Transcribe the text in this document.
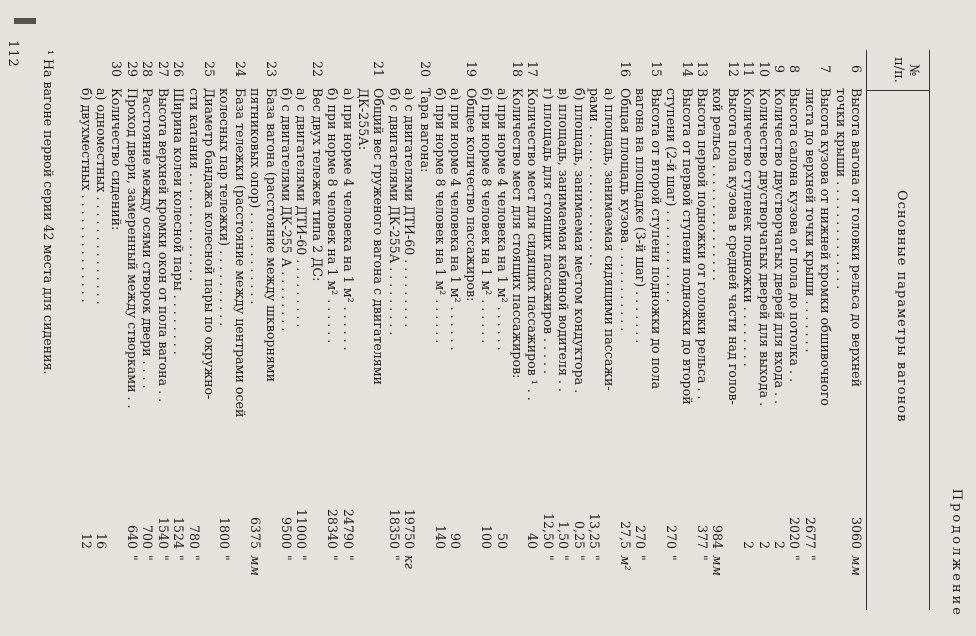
Продолжение
№ п/п.
Основные параметры вагонов
6
Высота вагона от головки рельса до верхней
3060
мм
точки крыши . . . . . . . . . . . . . .
7
Высота кузова от нижней кромки обшивочного
листа до верхней точки крыши . . . . . . .
2677
"
8
Высота салона кузова от пола до потолка . .
2020
"
9
Количество двустворчатых дверей для входа . .
2
10
Количество двустворчатых дверей для выхода .
2
11
Количество ступенек подножки . . . . . . . .
2
12
Высота пола кузова в средней части над голов-
кой рельса . . . . . . . . . . . . . . .
984
мм
13
Высота первой подножки от головки рельса . .
377
"
14
Высота от первой ступени подножки до второй
ступени (2-й шаг) . . . . . . . . . . . .
270
"
15
Высота от второй ступени подножки до пола
вагона на площадке (3-й шаг) . . . . . . .
270
"
16
Общая площадь кузова . . . . . . . . . . .
27,5
м²
а) площадь, занимаемая сидящими пассажи-
рами . . . . . . . . . . . . . . . . . .
13,25
"
б) площадь, занимаемая местом кондуктора .
0,25
"
в) площадь, занимаемая кабиной водителя . .
1,50
"
г) площадь для стоящих пассажиров . . . . .
12,50
"
17
Количество мест для сидящих пассажиров ¹ . .
40
18
Количество мест для стоящих пассажиров:
а) при норме 4 человека на 1 м² . . . . . .
50
б) при норме 8 человек на 1 м² . . . . . .
100
19
Общее количество пассажиров:
а) при норме 4 человека на 1 м² . . . . . .
90
б) при норме 8 человек на 1 м² . . . . . .
140
20
Тара вагона:
а) с двигателями ДТИ-60 . . . . . . . . .
19750
кг
б) с двигателями ДК-255А . . . . . . . . .
18350
"
21
Общий вес груженого вагона с двигателями
ДК-255А:
а) при норме 4 человека на 1 м² . . . . . .
24790
"
б) при норме 8 человек на 1 м² . . . . . .
28340
"
22
Вес двух тележек типа 2 ДС:
а) с двигателями ДТИ-60 . . . . . . . . .
11000
"
б) с двигателями ДК-255 А . . . . . . . .
9500
"
23
База вагона (расстояние между шкворнями
пятниковых опор) . . . . . . . . . . . .
6375
мм
24
База тележки (расстояние между центрами осей
колесных пар тележки) . . . . . . . . . .
1800
"
25
Диаметр бандажа колесной пары по окружно-
сти катания . . . . . . . . . . . . . .
780
"
26
Ширина колеи колесной пары . . . . . . . .
1524
"
27
Высота верхней кромки окон от пола вагона . .
1540
"
28
Расстояние между осями створок двери . . . .
700
"
29
Проход двери, замеренный между створками . .
640
"
30
Количество сидений:
а) одноместных . . . . . . . . . . . . . .
16
б) двухместных . . . . . . . . . . . . . .
12
¹ На вагоне первой серии 42 места для сидения.
112
